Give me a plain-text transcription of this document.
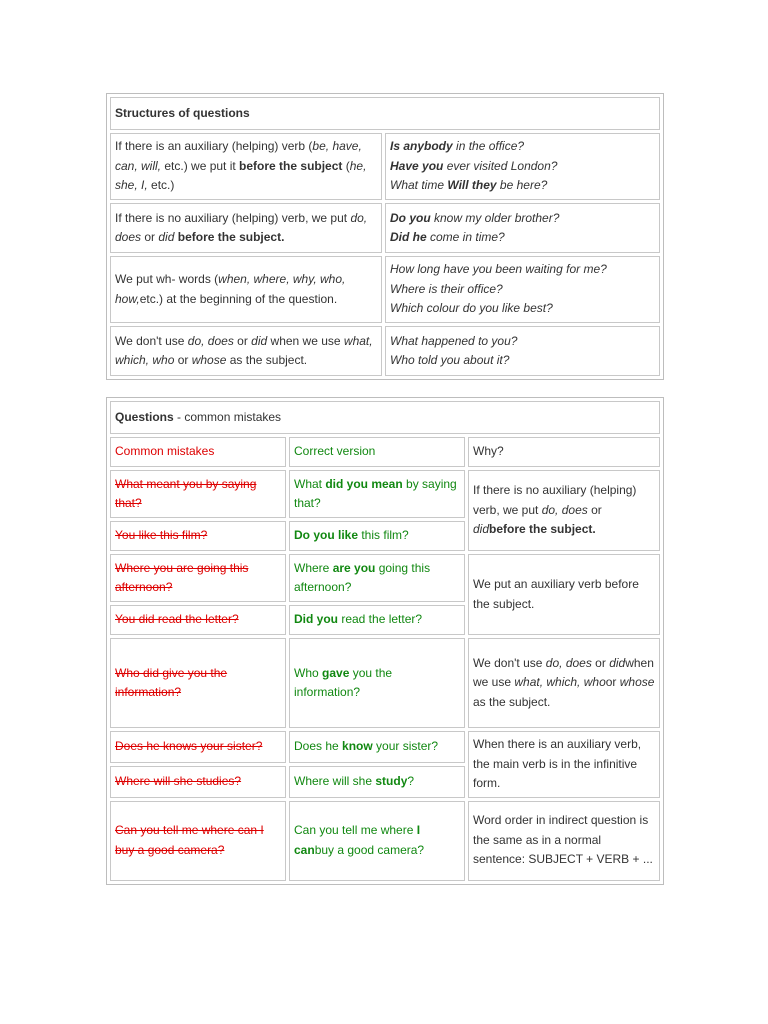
Structures of questions	
If there is an auxiliary (helping) verb (be, have, can, will, etc.) we put it before the subject (he, she, I, etc.)	Is anybody in the office?
Have you ever visited London?
What time Will they be here?

If there is no auxiliary (helping) verb, we put do, does or did before the subject.	Do you know my older brother?
Did he come in time?

We put wh- words (when, where, why, who, how,etc.) at the beginning of the question.	How long have you been waiting for me?
Where is their office?
Which colour do you like best?

We don't use do, does or did when we use what, which, who or whose as the subject.	What happened to you?
Who told you about it?
Questions - common mistakes		
Common mistakes	Correct version	Why?
What meant you by saying that?	What did you mean by saying that?	If there is no auxiliary (helping) verb, we put do, does or didbefore the subject.
You like this film?	Do you like this film?	
Where you are going this afternoon?	Where are you going this afternoon?	We put an auxiliary verb before the subject.
You did read the letter?	Did you read the letter?	
Who did give you the information?	Who gave you the information?	We don't use do, does or didwhen we use what, which, whoor whose as the subject.
Does he knows your sister?	Does he know your sister?	When there is an auxiliary verb, the main verb is in the infinitive form.
Where will she studies?	Where will she study?	
Can you tell me where can I buy a good camera?	Can you tell me where I canbuy a good camera?	Word order in indirect question is the same as in a normal sentence: SUBJECT + VERB + ...
